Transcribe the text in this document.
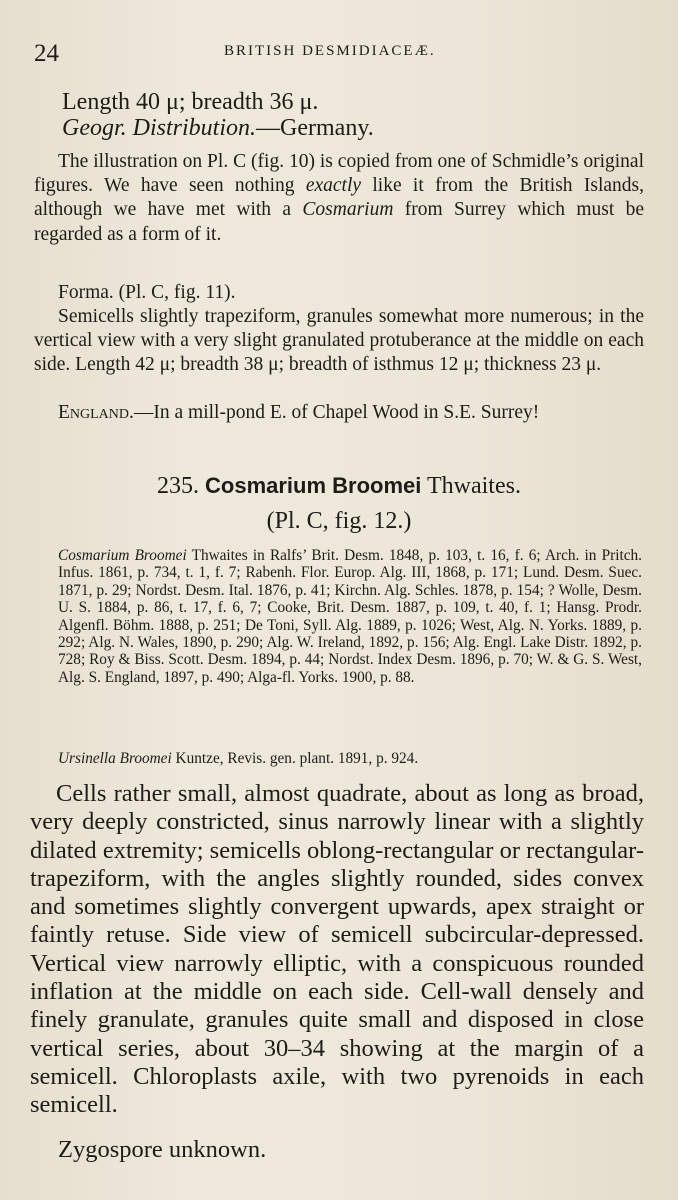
24	BRITISH DESMIDIACEÆ.

Length 40 μ; breadth 36 μ.

Geogr. Distribution.—Germany.

The illustration on Pl. C (fig. 10) is copied from one of Schmidle’s original figures. We have seen nothing exactly like it from the British Islands, although we have met with a Cosmarium from Surrey which must be regarded as a form of it.

Forma. (Pl. C, fig. 11).

Semicells slightly trapeziform, granules somewhat more numerous; in the vertical view with a very slight granulated protuberance at the middle on each side. Length 42 μ; breadth 38 μ; breadth of isthmus 12 μ; thickness 23 μ.

England.—In a mill-pond E. of Chapel Wood in S.E. Surrey!

235. Cosmarium Broomei Thwaites.
(Pl. C, fig. 12.)

Cosmarium Broomei Thwaites in Ralfs’ Brit. Desm. 1848, p. 103, t. 16, f. 6; Arch. in Pritch. Infus. 1861, p. 734, t. 1, f. 7; Rabenh. Flor. Europ. Alg. III, 1868, p. 171; Lund. Desm. Suec. 1871, p. 29; Nordst. Desm. Ital. 1876, p. 41; Kirchn. Alg. Schles. 1878, p. 154; ? Wolle, Desm. U. S. 1884, p. 86, t. 17, f. 6, 7; Cooke, Brit. Desm. 1887, p. 109, t. 40, f. 1; Hansg. Prodr. Algenfl. Böhm. 1888, p. 251; De Toni, Syll. Alg. 1889, p. 1026; West, Alg. N. Yorks. 1889, p. 292; Alg. N. Wales, 1890, p. 290; Alg. W. Ireland, 1892, p. 156; Alg. Engl. Lake Distr. 1892, p. 728; Roy & Biss. Scott. Desm. 1894, p. 44; Nordst. Index Desm. 1896, p. 70; W. & G. S. West, Alg. S. England, 1897, p. 490; Alga-fl. Yorks. 1900, p. 88.

Ursinella Broomei Kuntze, Revis. gen. plant. 1891, p. 924.

Cells rather small, almost quadrate, about as long as broad, very deeply constricted, sinus narrowly linear with a slightly dilated extremity; semicells oblong-rectangular or rectangular-trapeziform, with the angles slightly rounded, sides convex and sometimes slightly convergent upwards, apex straight or faintly retuse. Side view of semicell subcircular-depressed. Vertical view narrowly elliptic, with a conspicuous rounded inflation at the middle on each side. Cell-wall densely and finely granulate, granules quite small and disposed in close vertical series, about 30–34 showing at the margin of a semicell. Chloroplasts axile, with two pyrenoids in each semicell.

Zygospore unknown.
